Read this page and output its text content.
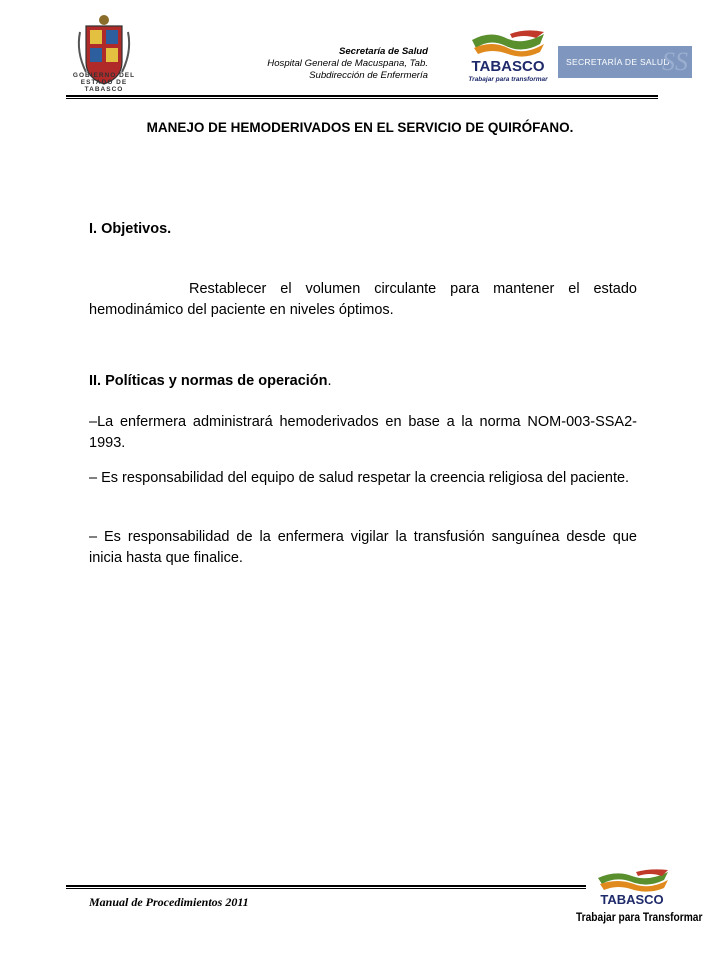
GOBIERNO DEL
ESTADO DE
TABASCO
Secretaría de Salud
Hospital General de Macuspana, Tab.
Subdirección de Enfermería
TABASCO
Trabajar para transformar
SECRETARÍA DE SALUD
SS
MANEJO DE HEMODERIVADOS EN EL SERVICIO DE QUIRÓFANO.
I. Objetivos.
Restablecer el volumen circulante para mantener el estado hemodinámico del paciente en niveles óptimos.
II. Políticas y normas de operación.
–La enfermera administrará hemoderivados en base a la norma NOM-003-SSA2-1993.
– Es responsabilidad del equipo de salud respetar la creencia religiosa del paciente.
– Es responsabilidad de la enfermera vigilar la transfusión sanguínea desde que inicia hasta que finalice.
Manual de Procedimientos 2011	TABASCO
Trabajar para Transformar
